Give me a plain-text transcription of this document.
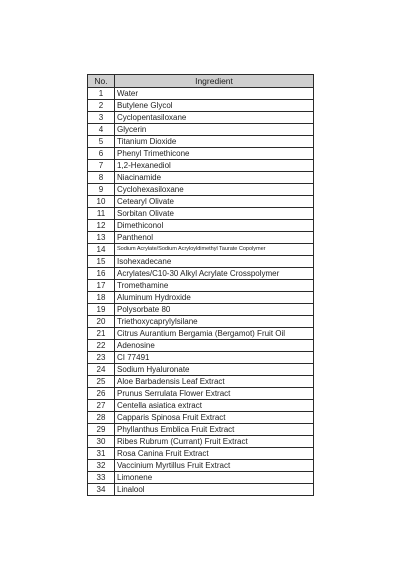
No.	Ingredient
1	Water
2	Butylene Glycol
3	Cyclopentasiloxane
4	Glycerin
5	Titanium Dioxide
6	Phenyl Trimethicone
7	1,2-Hexanediol
8	Niacinamide
9	Cyclohexasiloxane
10	Cetearyl Olivate
11	Sorbitan Olivate
12	Dimethiconol
13	Panthenol
14	Sodium Acrylate/Sodium Acryloyldimethyl Taurate Copolymer
15	Isohexadecane
16	Acrylates/C10-30 Alkyl Acrylate Crosspolymer
17	Tromethamine
18	Aluminum Hydroxide
19	Polysorbate 80
20	Triethoxycaprylylsilane
21	Citrus Aurantium Bergamia (Bergamot) Fruit Oil
22	Adenosine
23	CI 77491
24	Sodium Hyaluronate
25	Aloe Barbadensis Leaf Extract
26	Prunus Serrulata Flower Extract
27	Centella asiatica extract
28	Capparis Spinosa Fruit Extract
29	Phyllanthus Emblica Fruit Extract
30	Ribes Rubrum (Currant) Fruit Extract
31	Rosa Canina Fruit Extract
32	Vaccinium Myrtillus Fruit Extract
33	Limonene
34	Linalool
